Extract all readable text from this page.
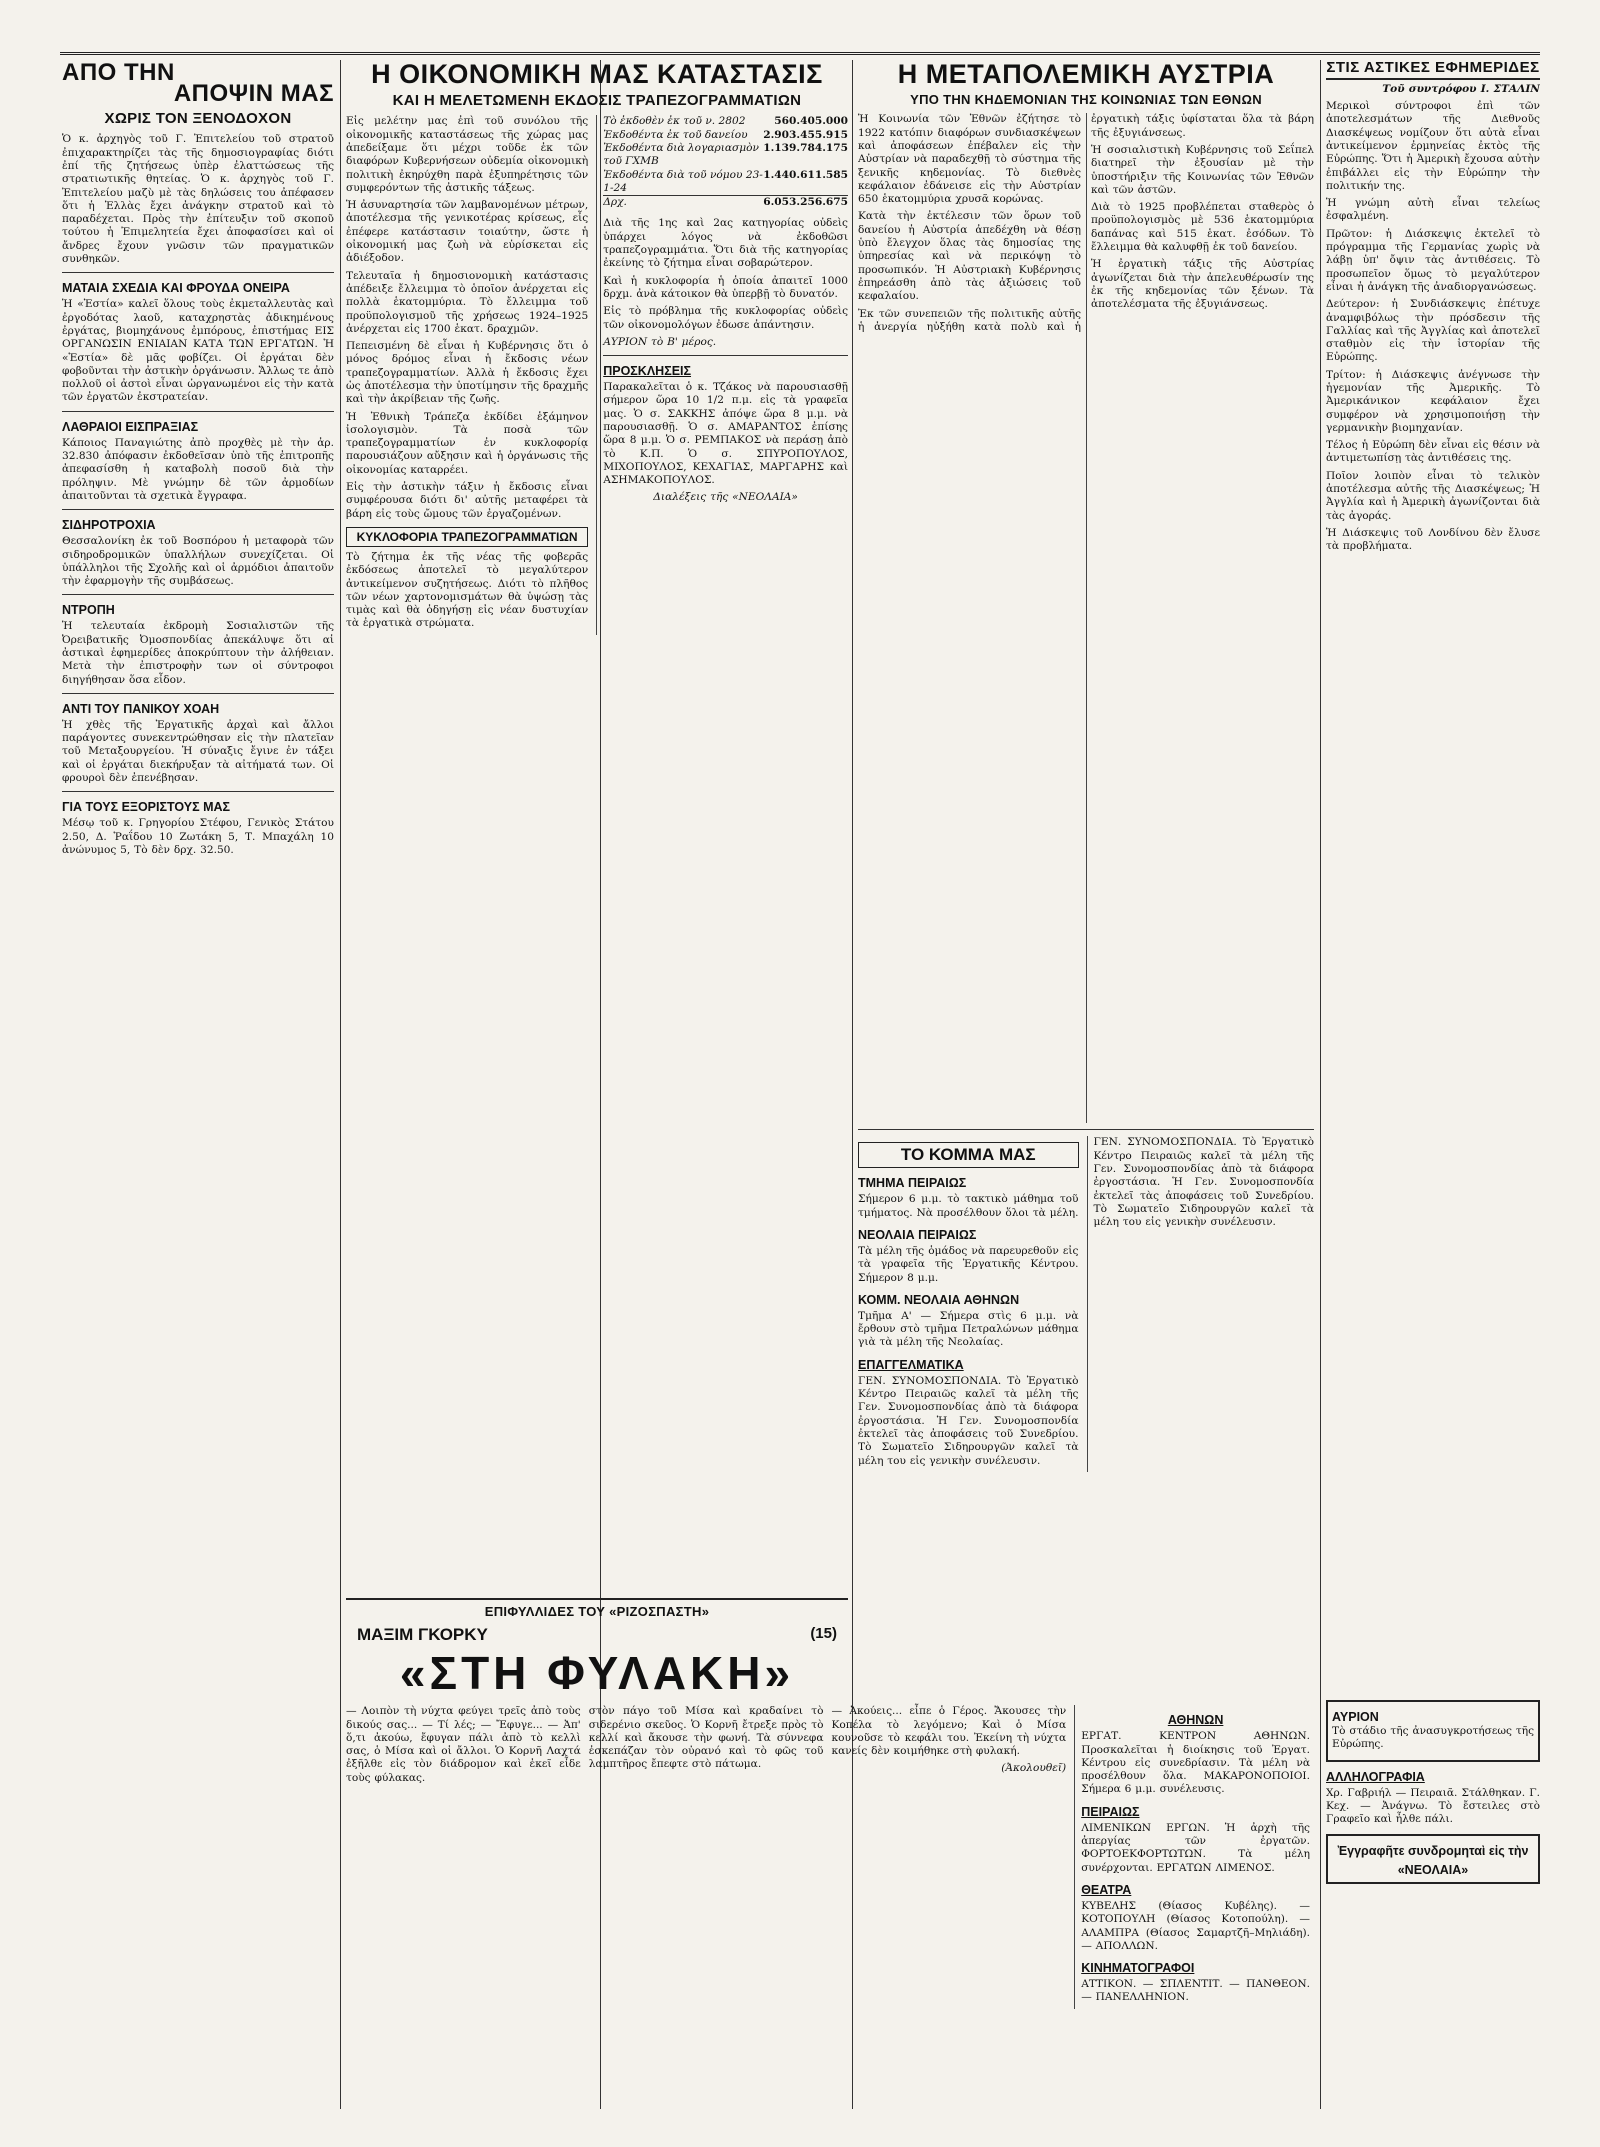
ΑΠΟ ΤΗΝ
ΑΠΟΨΙΝ ΜΑΣ
ΧΩΡΙΣ ΤΟΝ ΞΕΝΟΔΟΧΟΝ

Ὁ κ. ἀρχηγὸς τοῦ Γ. Ἐπιτελείου τοῦ στρατοῦ ἐπιχαρακτηρίζει τὰς τῆς δημοσιογραφίας διότι ἐπί τῆς ζητήσεως ὑπὲρ ἐλαττώσεως τῆς στρατιωτικῆς θητείας. Ὁ κ. ἀρχηγὸς τοῦ Γ. Ἐπιτελείου μαζὺ μὲ τὰς δηλώσεις του ἀπέφασεν ὅτι ἡ Ἑλλὰς ἔχει ἀνάγκην στρατοῦ καὶ τὸ παραδέχεται. Πρὸς τὴν ἐπίτευξιν τοῦ σκοποῦ τούτου ἡ Ἐπιμελητεία ἔχει ἀποφασίσει καὶ οἱ ἄνδρες ἔχουν γνῶσιν τῶν πραγματικῶν συνθηκῶν.

ΜΑΤΑΙΑ ΣΧΕΔΙΑ ΚΑΙ ΦΡΟΥΔΑ ΟΝΕΙΡΑ

Ἡ «Ἑστία» καλεῖ ὅλους τοὺς ἐκμεταλλευτὰς καὶ ἐργοδότας λαοῦ, καταχρηστὰς ἀδικημένους ἐργάτας, βιομηχάνους ἐμπόρους, ἐπιστήμας ΕΙΣ ΟΡΓΑΝΩΣΙΝ ΕΝΙΑΙΑΝ ΚΑΤΑ ΤΩΝ ΕΡΓΑΤΩΝ. Ἡ «Ἑστία» δὲ μᾶς φοβίζει. Οἱ ἐργάται δὲν φοβοῦνται τὴν ἀστικὴν ὀργάνωσιν. Ἄλλως τε ἀπὸ πολλοῦ οἱ ἀστοὶ εἶναι ὠργανωμένοι εἰς τὴν κατὰ τῶν ἐργατῶν ἐκστρατείαν.

ΛΑΘΡΑΙΟΙ ΕΙΣΠΡΑΞΙΑΣ

Κάποιος Παναγιώτης ἀπὸ πρoχθὲς μὲ τὴν ἀρ. 32.830 ἀπόφασιν ἐκδοθεῖσαν ὑπὸ τῆς ἐπιτροπῆς ἀπεφασίσθη ἡ καταβολὴ ποσοῦ διὰ τὴν πρόληψιν. Μὲ γνώμην δὲ τῶν ἀρμοδίων ἀπαιτοῦνται τὰ σχετικὰ ἔγγραφα.

ΣΙΔΗΡΟΤΡΟΧΙΑ

Θεσσαλονίκη ἐκ τοῦ Βοσπόρου ἡ μεταφορὰ τῶν σιδηροδρομικῶν ὑπαλλήλων συνεχίζεται. Οἱ ὑπάλληλοι τῆς Σχολῆς καὶ οἱ ἀρμόδιοι ἀπαιτοῦν τὴν ἐφαρμογὴν τῆς συμβάσεως.

ΝΤΡΟΠΗ

Ἡ τελευταία ἐκδρομὴ Σοσιαλιστῶν τῆς Ὀρειβατικῆς Ὀμοσπονδίας ἀπεκάλυψε ὅτι αἱ ἀστικαὶ ἐφημερίδες ἀποκρύπτουν τὴν ἀλήθειαν. Μετὰ τὴν ἐπιστροφὴν των οἱ σύντροφοι διηγήθησαν ὅσα εἶδον.

ΑΝΤΙ ΤΟΥ ΠΑΝΙΚΟΥ ΧΟΑΗ

Ἡ χθὲς τῆς Ἐργατικῆς ἀρχαὶ καὶ ἄλλοι παράγοντες συνεκεντρώθησαν εἰς τὴν πλατεῖαν τοῦ Μεταξουργείου. Ἡ σύναξις ἔγινε ἐν τάξει καὶ οἱ ἐργάται διεκήρυξαν τὰ αἰτήματά των. Οἱ φρουροὶ δὲν ἐπενέβησαν.

ΓΙΑ ΤΟΥΣ ΕΞΟΡΙΣΤΟΥΣ ΜΑΣ

Μέσῳ τοῦ κ. Γρηγορίου Στέφου, Γενικὸς Στάτου 2.50, Δ. Ῥαΐδου 10 Ζωτάκη 5, Τ. Μπαχάλη 10 ἀνώνυμος 5, Τὸ δὲν δρχ. 32.50.

Η ΟΙΚΟΝΟΜΙΚΗ ΜΑΣ ΚΑΤΑΣΤΑΣΙΣ
ΚΑΙ Η ΜΕΛΕΤΩΜΕΝΗ ΕΚΔΟΣΙΣ ΤΡΑΠΕΖΟΓΡΑΜΜΑΤΙΩΝ

Εἰς μελέτην μας ἐπὶ τοῦ συνόλου τῆς οἰκονομικῆς καταστάσεως τῆς χώρας μας ἀπεδείξαμε ὅτι μέχρι τοῦδε ἐκ τῶν διαφόρων Κυβερνήσεων οὐδεμία οἰκονομικὴ πολιτικὴ ἐκηρύχθη παρὰ ἐξυπηρέτησις τῶν συμφερόντων τῆς ἀστικῆς τάξεως.

Ἡ ἀσυναρτησία τῶν λαμβανομένων μέτρων, ἀποτέλεσμα τῆς γενικοτέρας κρίσεως, εἶς ἐπέφερε κατάστασιν τοιαύτην, ὥστε ἡ οἰκονομική μας ζωὴ νὰ εὑρίσκεται εἰς ἀδιέξοδον.

Τελευταῖα ἡ δημοσιονομικὴ κατάστασις ἀπέδειξε ἔλλειμμα τὸ ὁποῖον ἀνέρχεται εἰς πολλὰ ἑκατομμύρια. Τὸ ἔλλειμμα τοῦ προϋπολογισμοῦ τῆς χρήσεως 1924–1925 ἀνέρχεται εἰς 1700 ἑκατ. δραχμῶν.

Πεπεισμένη δὲ εἶναι ἡ Κυβέρνησις ὅτι ὁ μόνος δρόμος εἶναι ἡ ἔκδοσις νέων τραπεζογραμματίων. Ἀλλὰ ἡ ἔκδοσις ἔχει ὡς ἀποτέλεσμα τὴν ὑποτίμησιν τῆς δραχμῆς καὶ τὴν ἀκρίβειαν τῆς ζωῆς.

Ἡ Ἐθνικὴ Τράπεζα ἐκδίδει ἑξάμηνον ἰσολογισμὸν. Τὰ ποσὰ τῶν τραπεζογραμματίων ἐν κυκλοφορίᾳ παρουσιάζουν αὔξησιν καὶ ἡ ὀργάνωσις τῆς οἰκονομίας καταρρέει.

Εἰς τὴν ἀστικὴν τάξιν ἡ ἔκδοσις εἶναι συμφέρουσα διότι δι' αὐτῆς μεταφέρει τὰ βάρη εἰς τοὺς ὤμους τῶν ἐργαζομένων.

ΚΥΚΛΟΦΟΡΙΑ ΤΡΑΠΕΖΟΓΡΑΜΜΑΤΙΩΝ

Τὸ ζήτημα ἐκ τῆς νέας τῆς φοβερᾶς ἐκδόσεως ἀποτελεῖ τὸ μεγαλύτερον ἀντικείμενον συζητήσεως. Διότι τὸ πλῆθος τῶν νέων χαρτονομισμάτων θὰ ὑψώσῃ τὰς τιμὰς καὶ θὰ ὁδηγήσῃ εἰς νέαν δυστυχίαν τὰ ἐργατικὰ στρώματα.

Τὸ ἐκδοθὲν ἐκ τοῦ ν. 2802	560.405.000
Ἐκδοθέντα ἐκ τοῦ δανείου	2.903.455.915
Ἐκδοθέντα διὰ λογαριασμὸν τοῦ ΓΧΜΒ
1.139.784.175
Ἐκδοθέντα διὰ τοῦ νόμου 23-1-24
1.440.611.585
Δρχ.	6.053.256.675

Διὰ τῆς 1ης καὶ 2ας κατηγορίας οὐδεὶς ὑπάρχει λόγος νὰ ἐκδοθῶσι τραπεζογραμμάτια. Ὅτι διὰ τῆς κατηγορίας ἐκείνης τὸ ζήτημα εἶναι σοβαρώτερον.

Καὶ ἡ κυκλοφορία ἡ ὁποία ἀπαιτεῖ 1000 δρχμ. ἀνὰ κάτοικον θὰ ὑπερβῇ τὸ δυνατόν.

Εἰς τὸ πρόβλημα τῆς κυκλοφορίας οὐδεὶς τῶν οἰκονομολόγων ἐδωσε ἀπάντησιν.

ΑΥΡΙΟΝ τὸ Β' μέρος.

ΠΡΟΣΚΛΗΣΕΙΣ

Παρακαλεῖται ὁ κ. Τζάκος νὰ παρουσιασθῇ σήμερον ὥρα 10 1/2 π.μ. εἰς τὰ γραφεῖα μας. Ὁ σ. ΣΑΚΚΗΣ ἀπόψε ὥρα 8 μ.μ. νὰ παρουσιασθῇ. Ὁ σ. ΑΜΑΡΑΝΤΟΣ ἐπίσης ὥρα 8 μ.μ. Ὁ σ. ΡΕΜΠΑΚΟΣ νὰ περάσῃ ἀπὸ τὸ Κ.Π. Ὁ σ. ΣΠΥΡΟΠΟΥΛΟΣ, ΜΙΧΟΠΟΥΛΟΣ, ΚΕΧΑΓΙΑΣ, ΜΑΡΓΑΡΗΣ καὶ ΑΣΗΜΑΚΟΠΟΥΛΟΣ.

Διαλέξεις τῆς «ΝΕΟΛΑΙΑ»

Η ΜΕΤΑΠΟΛΕΜΙΚΗ ΑΥΣΤΡΙΑ
ΥΠΟ ΤΗΝ ΚΗΔΕΜΟΝΙΑΝ ΤΗΣ ΚΟΙΝΩΝΙΑΣ ΤΩΝ ΕΘΝΩΝ

Ἡ Κοινωνία τῶν Ἐθνῶν ἐζήτησε τὸ 1922 κατόπιν διαφόρων συνδιασκέψεων καὶ ἀποφάσεων ἐπέβαλεν εἰς τὴν Αὐστρίαν νὰ παραδεχθῇ τὸ σύστημα τῆς ξενικῆς κηδεμονίας. Τὸ διεθνὲς κεφάλαιον ἐδάνεισε εἰς τὴν Αὐστρίαν 650 ἑκατομμύρια χρυσᾶ κορώνας.

Κατὰ τὴν ἐκτέλεσιν τῶν ὅρων τοῦ δανείου ἡ Αὐστρία ἀπεδέχθη νὰ θέσῃ ὑπὸ ἔλεγχον ὅλας τὰς δημοσίας της ὑπηρεσίας καὶ νὰ περικόψῃ τὸ προσωπικόν. Ἡ Αὐστριακὴ Κυβέρνησις ἐπηρεάσθη ἀπὸ τὰς ἀξιώσεις τοῦ κεφαλαίου.

Ἐκ τῶν συνεπειῶν τῆς πολιτικῆς αὐτῆς ἡ ἀνεργία ηὐξήθη κατὰ πολὺ καὶ ἡ ἐργατικὴ τάξις ὑφίσταται ὅλα τὰ βάρη τῆς ἐξυγιάνσεως.

Ἡ σοσιαλιστικὴ Κυβέρνησις τοῦ Σεΐπελ διατηρεῖ τὴν ἐξουσίαν μὲ τὴν ὑποστήριξιν τῆς Κοινωνίας τῶν Ἐθνῶν καὶ τῶν ἀστῶν.

Διὰ τὸ 1925 προβλέπεται σταθερὸς ὁ προϋπολογισμὸς μὲ 536 ἑκατομμύρια δαπάνας καὶ 515 ἑκατ. ἐσόδων. Τὸ ἔλλειμμα θὰ καλυφθῇ ἐκ τοῦ δανείου.

Ἡ ἐργατικὴ τάξις τῆς Αὐστρίας ἀγωνίζεται διὰ τὴν ἀπελευθέρωσίν της ἐκ τῆς κηδεμονίας τῶν ξένων. Τὰ ἀποτελέσματα τῆς ἐξυγιάνσεως.

ΤΟ ΚΟΜΜΑ ΜΑΣ
ΤΜΗΜΑ ΠΕΙΡΑΙΩΣ

Σήμερον 6 μ.μ. τὸ τακτικὸ μάθημα τοῦ τμήματος. Νὰ προσέλθουν ὅλοι τὰ μέλη.

ΝΕΟΛΑΙΑ ΠΕΙΡΑΙΩΣ

Τὰ μέλη τῆς ὁμάδος νὰ παρευρεθοῦν εἰς τὰ γραφεῖα τῆς Ἐργατικῆς Κέντρου. Σήμερον 8 μ.μ.

ΚΟΜΜ. ΝΕΟΛΑΙΑ ΑΘΗΝΩΝ

Τμῆμα Α' — Σήμερα στὶς 6 μ.μ. νὰ ἔρθουν στὸ τμῆμα Πετραλώνων μάθημα γιὰ τὰ μέλη τῆς Νεολαίας.

ΕΠΑΓΓΕΛΜΑΤΙΚΑ

ΓΕΝ. ΣΥΝΟΜΟΣΠΟΝΔΙΑ. Τὸ Ἐργατικὸ Κέντρο Πειραιῶς καλεῖ τὰ μέλη τῆς Γεν. Συνομοσπονδίας ἀπὸ τὰ διάφορα ἐργοστάσια. Ἡ Γεν. Συνομοσπονδία ἐκτελεῖ τὰς ἀποφάσεις τοῦ Συνεδρίου. Τὸ Σωματεῖο Σιδηρουργῶν καλεῖ τὰ μέλη του εἰς γενικὴν συνέλευσιν.

ΓΕΝ. ΣΥΝΟΜΟΣΠΟΝΔΙΑ. Τὸ Ἐργατικὸ Κέντρο Πειραιῶς καλεῖ τὰ μέλη τῆς Γεν. Συνομοσπονδίας ἀπὸ τὰ διάφορα ἐργοστάσια. Ἡ Γεν. Συνομοσπονδία ἐκτελεῖ τὰς ἀποφάσεις τοῦ Συνεδρίου. Τὸ Σωματεῖο Σιδηρουργῶν καλεῖ τὰ μέλη του εἰς γενικὴν συνέλευσιν.

ΣΤΙΣ ΑΣΤΙΚΕΣ ΕΦΗΜΕΡΙΔΕΣ
Τοῦ συντρόφου Ι. ΣΤΑΛΙΝ

Μερικοὶ σύντροφοι ἐπὶ τῶν ἀποτελεσμάτων τῆς Διεθνοῦς Διασκέψεως νομίζουν ὅτι αὐτὰ εἶναι ἀντικείμενον ἐρμηνείας ἐκτὸς τῆς Εὐρώπης. Ὅτι ἡ Ἀμερικὴ ἔχουσα αὐτὴν ἐπιβάλλει εἰς τὴν Εὐρώπην τὴν πολιτικήν της.

Ἡ γνώμη αὐτὴ εἶναι τελείως ἐσφαλμένη.

Πρῶτον: ἡ Διάσκεψις ἐκτελεῖ τὸ πρόγραμμα τῆς Γερμανίας χωρὶς νὰ λάβῃ ὑπ' ὄψιν τὰς ἀντιθέσεις. Τὸ προσωπεῖον ὅμως τὸ μεγαλύτερον εἶναι ἡ ἀνάγκη τῆς ἀναδιοργανώσεως.

Δεύτερον: ἡ Συνδιάσκεψις ἐπέτυχε ἀναμφιβόλως τὴν πρόσδεσιν τῆς Γαλλίας καὶ τῆς Ἀγγλίας καὶ ἀποτελεῖ σταθμὸν εἰς τὴν ἱστορίαν τῆς Εὐρώπης.

Τρίτον: ἡ Διάσκεψις ἀνέγνωσε τὴν ἡγεμονίαν τῆς Ἀμερικῆς. Τὸ Ἀμερικάνικον κεφάλαιον ἔχει συμφέρον νὰ χρησιμοποιήσῃ τὴν γερμανικὴν βιομηχανίαν.

Τέλος ἡ Εὐρώπη δὲν εἶναι εἰς θέσιν νὰ ἀντιμετωπίσῃ τὰς ἀντιθέσεις της.

Ποῖον λοιπὸν εἶναι τὸ τελικὸν ἀποτέλεσμα αὐτῆς τῆς Διασκέψεως; Ἡ Ἀγγλία καὶ ἡ Ἀμερικὴ ἀγωνίζονται διὰ τὰς ἀγοράς.

Ἡ Διάσκεψις τοῦ Λονδίνου δὲν ἔλυσε τὰ προβλήματα.

ΕΠΙΦΥΛΛΙΔΕΣ ΤΟΥ «ΡΙΖΟΣΠΑΣΤΗ»
ΜΑΞΙΜ ΓΚΟΡΚΥ	(15)
«ΣΤΗ ΦΥΛΑΚΗ»

— Λοιπὸν τὴ νύχτα φεύγει τρεῖς ἀπὸ τοὺς δικούς σας... — Τί λές; — Ἔφυγε... — Ἀπ' ὅ,τι ἀκούω, ἔφυγαν πάλι ἀπὸ τὸ κελλὶ σας, ὁ Μίσα καὶ οἱ ἄλλοι. Ὁ Κορνῆ Λαχτά ἐξῆλθε εἰς τὸν διάδρομον καὶ ἐκεῖ εἶδε τοὺς φύλακας.

στὸν πάγο τοῦ Μίσα καὶ κραδαίνει τὸ σιδερένιο σκεῦος. Ὁ Κορνῆ ἔτρεξε πρὸς τὸ κελλί καὶ ἄκουσε τὴν φωνή. Τὰ σύννεφα ἐσκεπάζαν τὸν οὐρανό καὶ τὸ φῶς τοῦ λαμπτῆρος ἔπεφτε στὸ πάτωμα.

— Ἀκούεις... εἶπε ὁ Γέρος. Ἄκουσες τὴν Κοπέλα τὸ λεγόμενο; Καὶ ὁ Μίσα κουνοῦσε τὸ κεφάλι του. Ἐκείνη τὴ νύχτα κανείς δὲν κοιμήθηκε στὴ φυλακή.

(Ἀκολουθεῖ)

ΑΘΗΝΩΝ

ΕΡΓΑΤ. ΚΕΝΤΡΟΝ ΑΘΗΝΩΝ. Προσκαλεῖται ἡ διοίκησις τοῦ Ἐργατ. Κέντρου εἰς συνεδρίασιν. Τὰ μέλη νὰ προσέλθουν ὅλα. ΜΑΚΑΡΟΝΟΠΟΙΟΙ. Σήμερα 6 μ.μ. συνέλευσις.

ΠΕΙΡΑΙΩΣ

ΛΙΜΕΝΙΚΩΝ ΕΡΓΩΝ. Ἡ ἀρχὴ τῆς ἀπεργίας τῶν ἐργατῶν. ΦΟΡΤΟΕΚΦΟΡΤΩΤΩΝ. Τὰ μέλη συνέρχονται. ΕΡΓΑΤΩΝ ΛΙΜΕΝΟΣ.

ΘΕΑΤΡΑ

ΚΥΒΕΛΗΣ (Θίασος Κυβέλης). — ΚΟΤΟΠΟΥΛΗ (Θίασος Κοτοπούλη). — ΑΛΑΜΠΡΑ (Θίασος Σαμαρτζῆ–Μηλιάδη). — ΑΠΟΛΛΩΝ.

ΚΙΝΗΜΑΤΟΓΡΑΦΟΙ

ΑΤΤΙΚΟΝ. — ΣΠΛΕΝΤΙΤ. — ΠΑΝΘΕΟΝ. — ΠΑΝΕΛΛΗΝΙΟΝ.

ΑΥΡΙΟΝ

Τὸ στάδιο τῆς ἀνασυγκροτήσεως τῆς Εὐρώπης.

ΑΛΛΗΛΟΓΡΑΦΙΑ

Χρ. Γαβριήλ — Πειραιᾶ. Στάλθηκαν. Γ. Κεχ. — Ἀνάγνω. Τὸ ἔστειλες στὸ Γραφεῖο καὶ ἦλθε πάλι.

Ἐγγραφῆτε συνδρομηταὶ εἰς τὴν «ΝΕΟΛΑΙΑ»
